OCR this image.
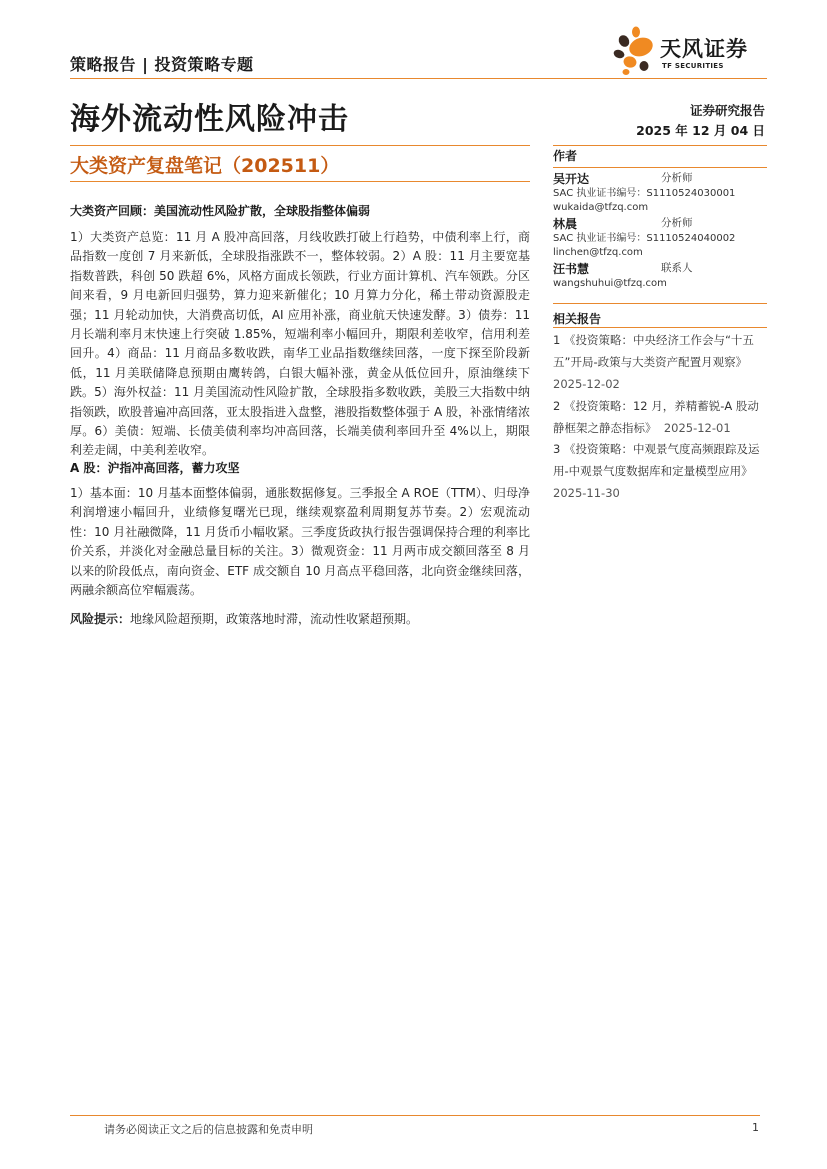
策略报告 | 投资策略专题
天风证券
TF SECURITIES
海外流动性风险冲击	证券研究报告
2025 年 12 月 04 日
大类资产复盘笔记（202511）
大类资产回顾：美国流动性风险扩散，全球股指整体偏弱
1）大类资产总览：11 月 A 股冲高回落，月线收跌打破上行趋势，中债利率上行，商品指数一度创 7 月来新低，全球股指涨跌不一，整体较弱。2）A 股：11 月主要宽基指数普跌，科创 50 跌超 6%，风格方面成长领跌，行业方面计算机、汽车领跌。分区间来看，9 月电新回归强势，算力迎来新催化；10 月算力分化，稀土带动资源股走强；11 月轮动加快，大消费高切低，AI 应用补涨，商业航天快速发酵。3）债券：11 月长端利率月末快速上行突破 1.85%，短端利率小幅回升，期限利差收窄，信用利差回升。4）商品：11 月商品多数收跌，南华工业品指数继续回落，一度下探至阶段新低，11 月美联储降息预期由鹰转鸽，白银大幅补涨，黄金从低位回升，原油继续下跌。5）海外权益：11 月美国流动性风险扩散，全球股指多数收跌，美股三大指数中纳指领跌，欧股普遍冲高回落，亚太股指进入盘整，港股指数整体强于 A 股，补涨情绪浓厚。6）美债：短端、长债美债利率均冲高回落，长端美债利率回升至 4%以上，期限利差走阔，中美利差收窄。
A 股：沪指冲高回落，蓄力攻坚
1）基本面：10 月基本面整体偏弱，通胀数据修复。三季报全 A ROE（TTM）、归母净利润增速小幅回升，业绩修复曙光已现，继续观察盈利周期复苏节奏。2）宏观流动性：10 月社融微降，11 月货币小幅收紧。三季度货政执行报告强调保持合理的利率比价关系，并淡化对金融总量目标的关注。3）微观资金：11 月两市成交额回落至 8 月以来的阶段低点，南向资金、ETF 成交额自 10 月高点平稳回落，北向资金继续回落，两融余额高位窄幅震荡。
风险提示：地缘风险超预期，政策落地时滞，流动性收紧超预期。
作者
吴开达	分析师
SAC 执业证书编号：S1110524030001
wukaida@tfzq.com
林晨	分析师
SAC 执业证书编号：S1110524040002
linchen@tfzq.com
汪书慧	联系人
wangshuhui@tfzq.com
相关报告
1 《投资策略：中央经济工作会与“十五五”开局-政策与大类资产配置月观察》  2025-12-02
2 《投资策略：12 月，养精蓄锐-A 股动静框架之静态指标》 2025-12-01
3 《投资策略：中观景气度高频跟踪及运用-中观景气度数据库和定量模型应用》  2025-11-30
请务必阅读正文之后的信息披露和免责申明	1
